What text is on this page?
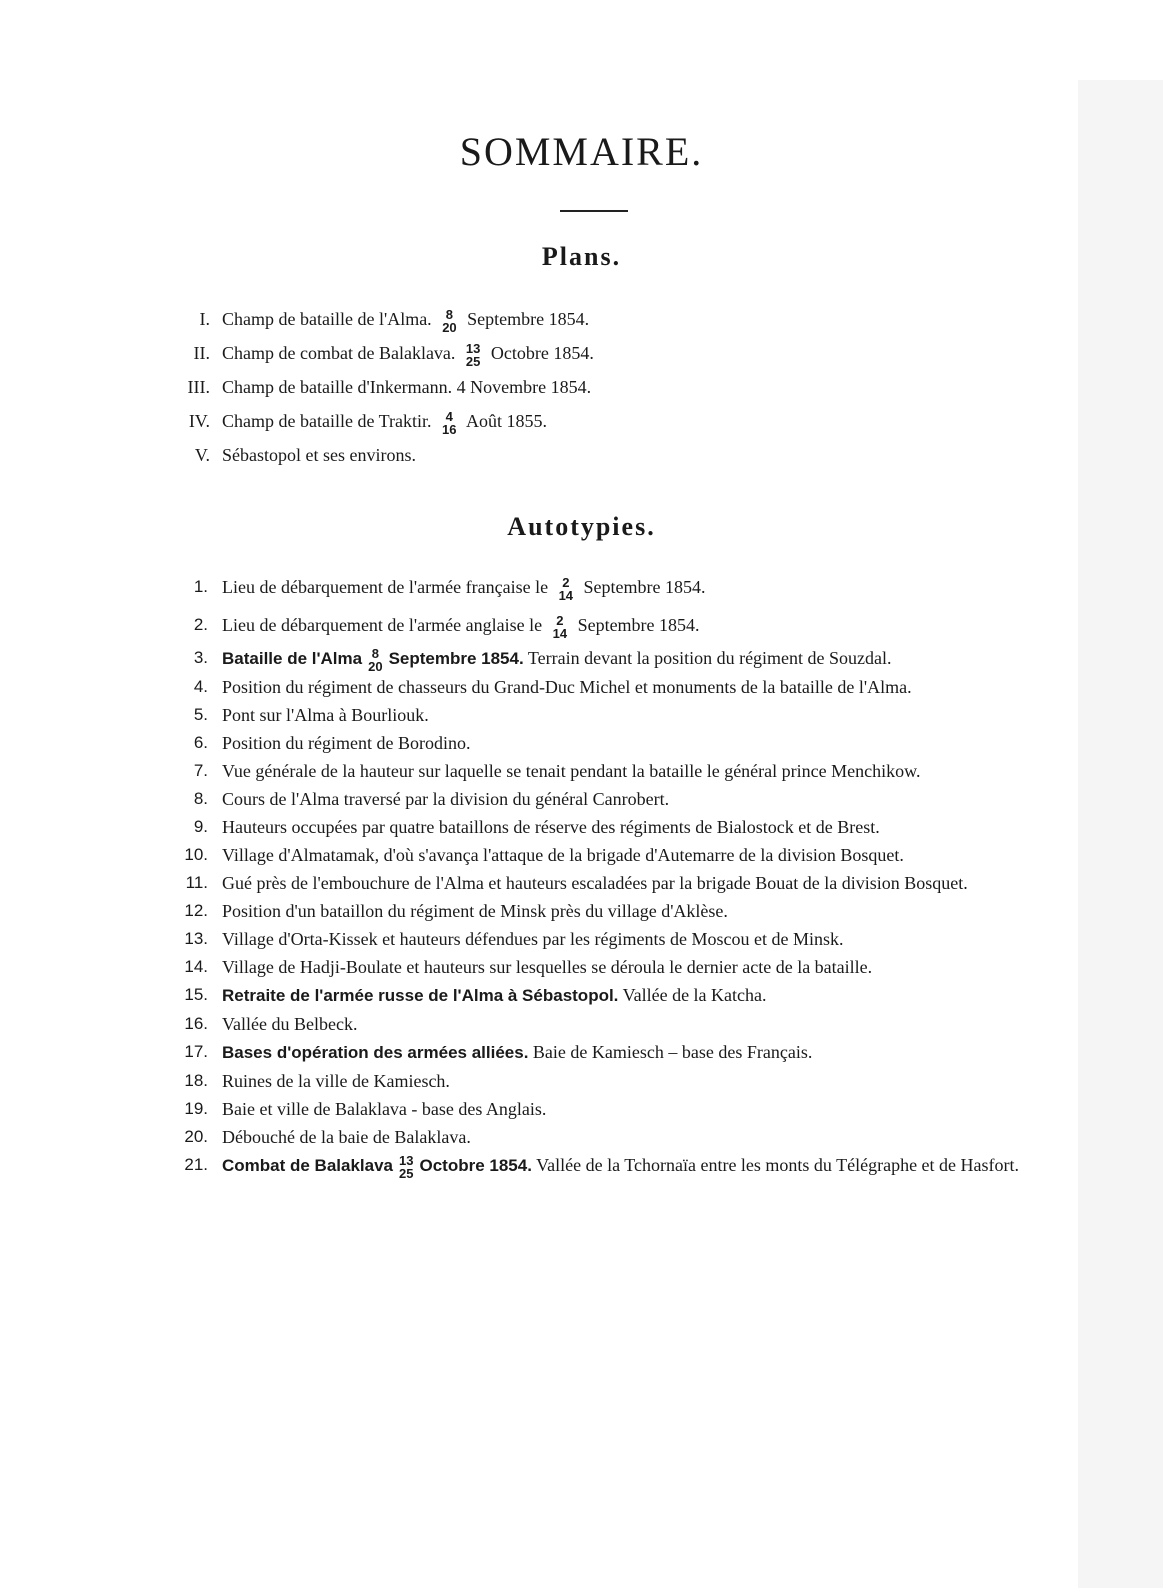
SOMMAIRE.
Plans.
I. Champ de bataille de l'Alma. 8
20 Septembre 1854.
II. Champ de combat de Balaklava. 13
25 Octobre 1854.
III. Champ de bataille d'Inkermann. 4 Novembre 1854.
IV. Champ de bataille de Traktir. 4
16 Août 1855.
V. Sébastopol et ses environs.
Autotypies.
1. Lieu de débarquement de l'armée française le 2
14 Septembre 1854.
2. Lieu de débarquement de l'armée anglaise le 2
14 Septembre 1854.
3. Bataille de l'Alma 8
20 Septembre 1854. Terrain devant la position du régiment de Souzdal.
4. Position du régiment de chasseurs du Grand-Duc Michel et monuments de la bataille de l'Alma.
5. Pont sur l'Alma à Bourliouk.
6. Position du régiment de Borodino.
7. Vue générale de la hauteur sur laquelle se tenait pendant la bataille le général prince Menchikow.
8. Cours de l'Alma traversé par la division du général Canrobert.
9. Hauteurs occupées par quatre bataillons de réserve des régiments de Bialostock et de Brest.
10. Village d'Almatamak, d'où s'avança l'attaque de la brigade d'Autemarre de la division Bosquet.
11. Gué près de l'embouchure de l'Alma et hauteurs escaladées par la brigade Bouat de la division Bosquet.
12. Position d'un bataillon du régiment de Minsk près du village d'Aklèse.
13. Village d'Orta-Kissek et hauteurs défendues par les régiments de Moscou et de Minsk.
14. Village de Hadji-Boulate et hauteurs sur lesquelles se déroula le dernier acte de la bataille.
15. Retraite de l'armée russe de l'Alma à Sébastopol. Vallée de la Katcha.
16. Vallée du Belbeck.
17. Bases d'opération des armées alliées. Baie de Kamiesch – base des Français.
18. Ruines de la ville de Kamiesch.
19. Baie et ville de Balaklava - base des Anglais.
20. Débouché de la baie de Balaklava.
21. Combat de Balaklava 13
25 Octobre 1854. Vallée de la Tchornaïa entre les monts du Télégraphe et de Hasfort.
